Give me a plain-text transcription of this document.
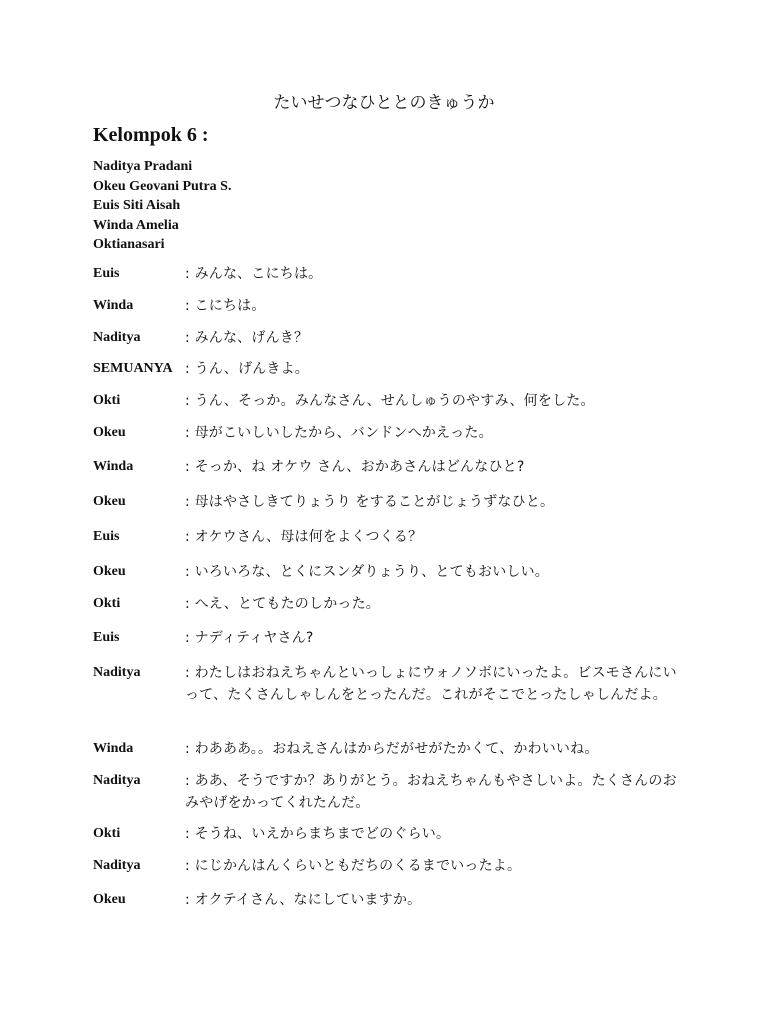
たいせつなひととのきゅうか
Kelompok 6 :
Naditya Pradani
Okeu Geovani Putra S.
Euis Siti Aisah
Winda Amelia
Oktianasari
Euis	: みんな、こにちは。
Winda	: こにちは。
Naditya	: みんな、げんき？
SEMUANYA : うん、げんきよ。
Okti	: うん、そっか。みんなさん、せんしゅうのやすみ、何をした。
Okeu	: 母がこいしいしたから、バンドンへかえった。
Winda	: そっか、ね オケウ さん、おかあさんはどんなひと?
Okeu	: 母はやさしきてりょうり をすることがじょうずなひと。
Euis	: オケウさん、母は何をよくつくる？
Okeu	: いろいろな、とくにスンダりょうり、とてもおいしい。
Okti	: へえ、とてもたのしかった。
Euis	: ナディティヤさん?
Naditya	: わたしはおねえちゃんといっしょにウォノソボにいったよ。ビスモさんにいって、たくさんしゃしんをとったんだ。これがそこでとったしゃしんだよ。
Winda	: わあああ。。おねえさんはからだがせがたかくて、かわいいね。
Naditya	: ああ、そうですか？ありがとう。おねえちゃんもやさしいよ。たくさんのおみやげをかってくれたんだ。
Okti	: そうね、いえからまちまでどのぐらい。
Naditya	: にじかんはんくらいともだちのくるまでいったよ。
Okeu	: オクテイさん、なにしていますか。
